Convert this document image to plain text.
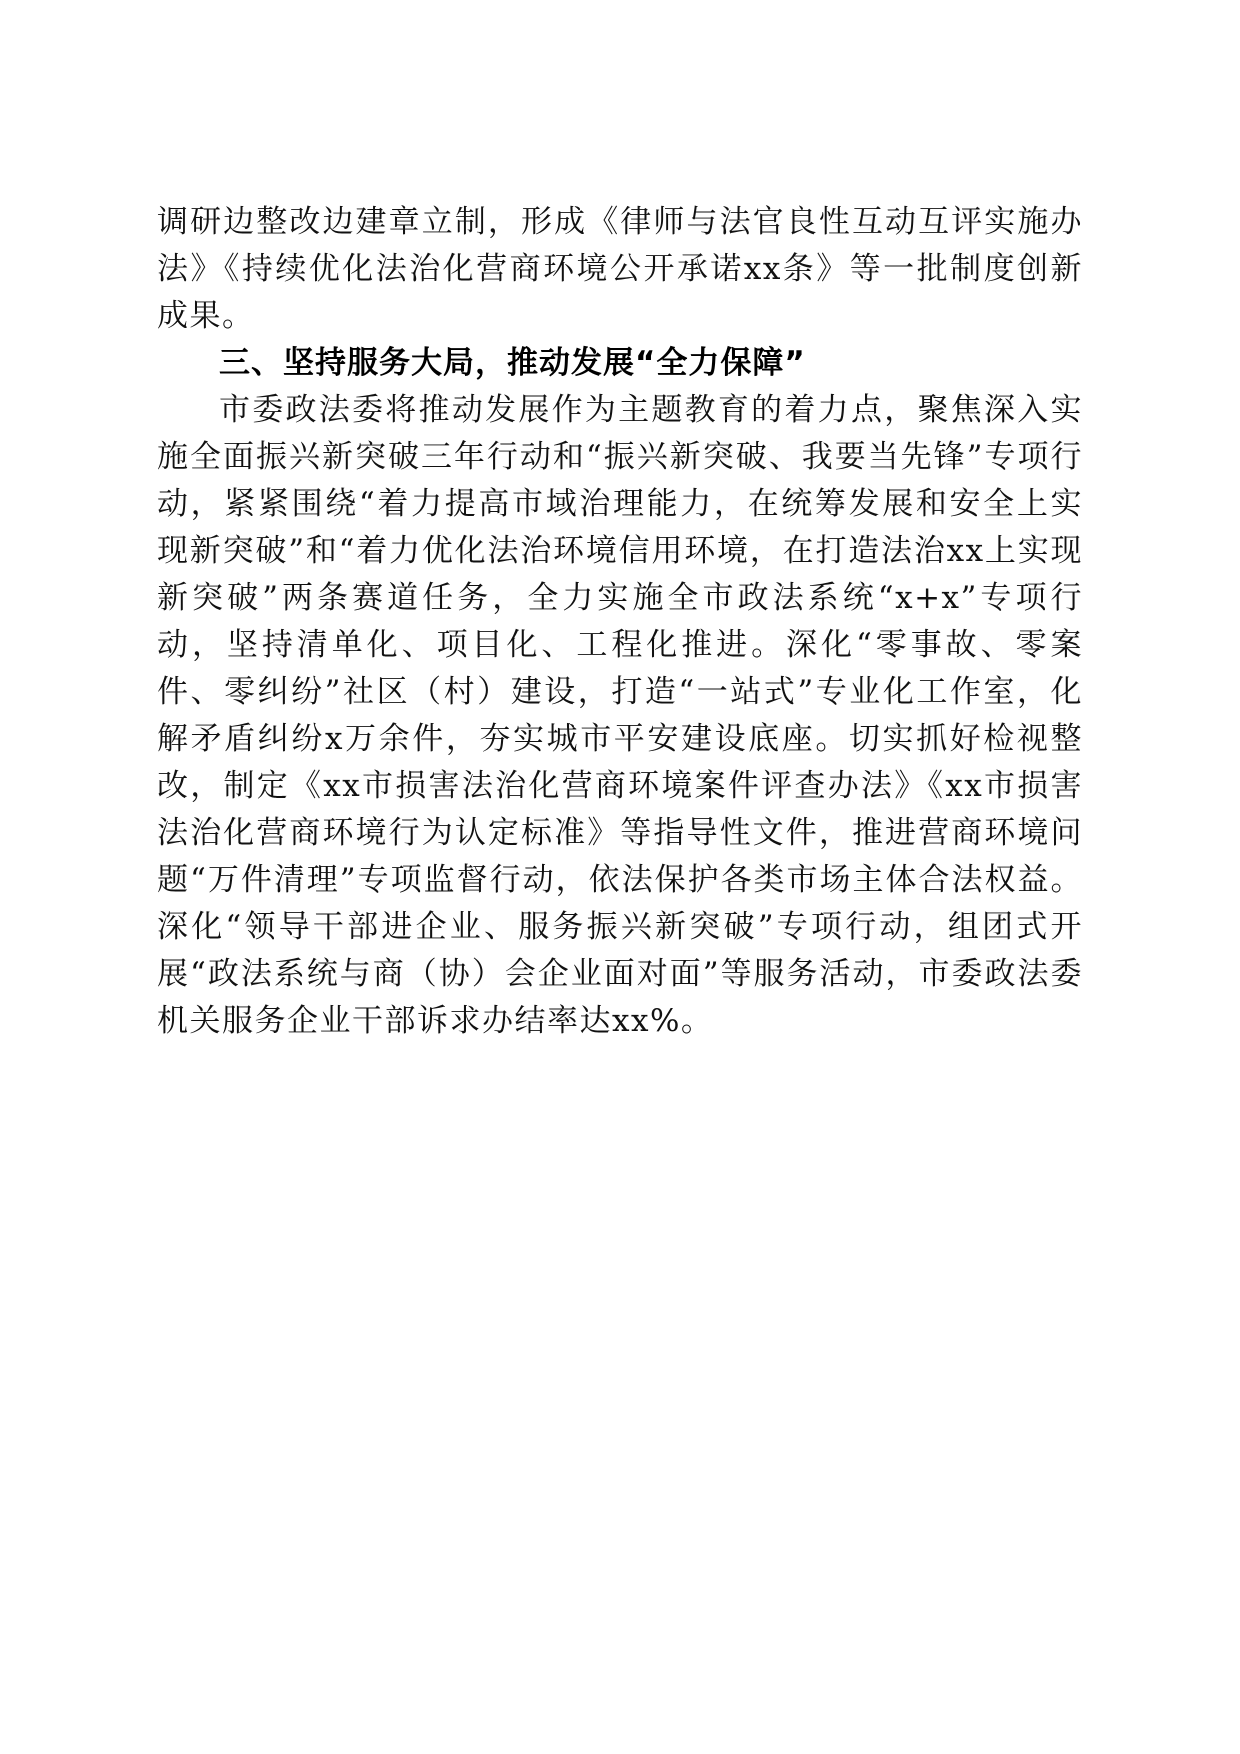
调研边整改边建章立制，形成《律师与法官良性互动互评实施办法》《持续优化法治化营商环境公开承诺xx条》等一批制度创新成果。

三、坚持服务大局，推动发展“全力保障”

市委政法委将推动发展作为主题教育的着力点，聚焦深入实施全面振兴新突破三年行动和“振兴新突破、我要当先锋”专项行动，紧紧围绕“着力提高市域治理能力，在统筹发展和安全上实现新突破”和“着力优化法治环境信用环境，在打造法治xx上实现新突破”两条赛道任务，全力实施全市政法系统“x+x”专项行动，坚持清单化、项目化、工程化推进。深化“零事故、零案件、零纠纷”社区（村）建设，打造“一站式”专业化工作室，化解矛盾纠纷x万余件，夯实城市平安建设底座。切实抓好检视整改，制定《xx市损害法治化营商环境案件评查办法》《xx市损害法治化营商环境行为认定标准》等指导性文件，推进营商环境问题“万件清理”专项监督行动，依法保护各类市场主体合法权益。深化“领导干部进企业、服务振兴新突破”专项行动，组团式开展“政法系统与商（协）会企业面对面”等服务活动，市委政法委机关服务企业干部诉求办结率达xx%。
